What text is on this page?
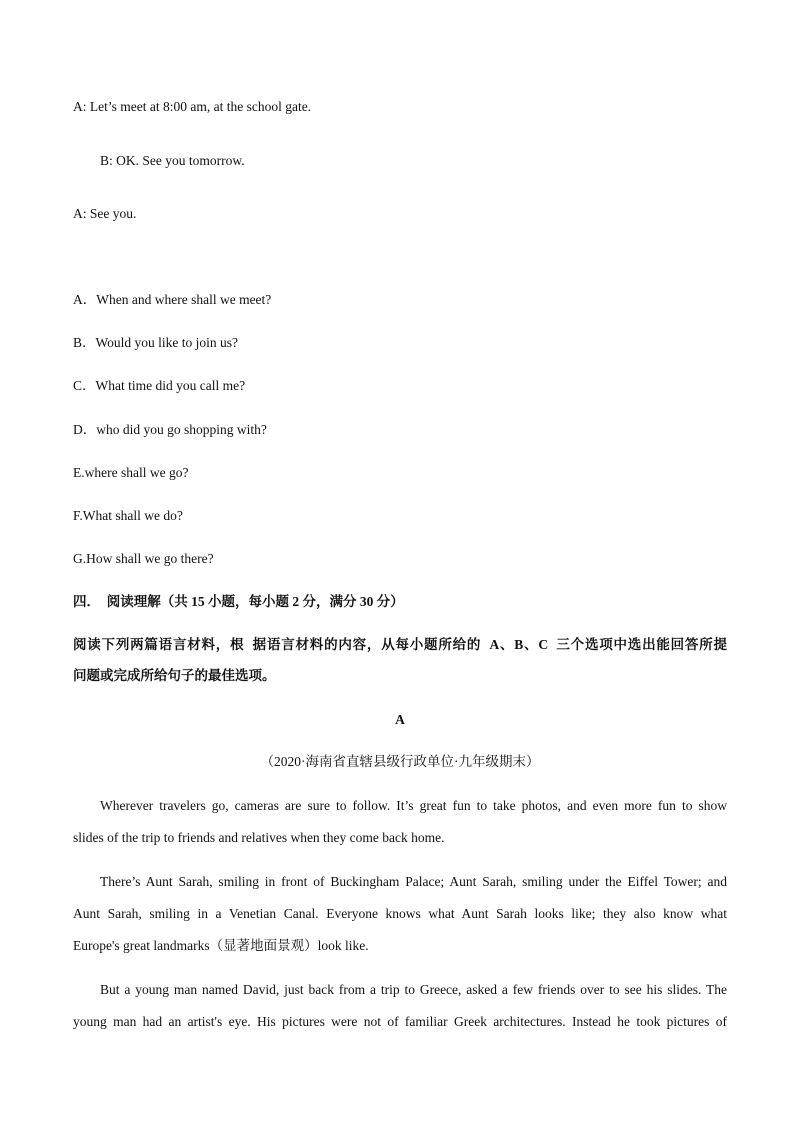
A: Let’s meet at 8:00 am, at the school gate.
B: OK. See you tomorrow.
A: See you.
A．When and where shall we meet?
B．Would you like to join us?
C．What time did you call me?
D．who did you go shopping with?
E.where shall we go?
F.What shall we do?
G.How shall we go there?
四．  阅读理解（共 15 小题，每小题 2 分，满分 30 分）
阅读下列两篇语言材料，根  据语言材料的内容，从每小题所给的  A、B、C  三个选项中选出能回答所提
问题或完成所给句子的最佳选项。
A
（2020·海南省直辖县级行政单位·九年级期末）
Wherever travelers go, cameras are sure to follow. It’s great fun to take photos, and even more fun to show
slides of the trip to friends and relatives when they come back home.
There’s Aunt Sarah, smiling in front of Buckingham Palace; Aunt Sarah, smiling under the Eiffel Tower; and
Aunt Sarah, smiling in a Venetian Canal. Everyone knows what Aunt Sarah looks like; they also know what
Europe's great landmarks（显著地面景观）look like.
But a young man named David, just back from a trip to Greece, asked a few friends over to see his slides. The
young man had an artist's eye. His pictures were not of familiar Greek architectures. Instead he took pictures of
